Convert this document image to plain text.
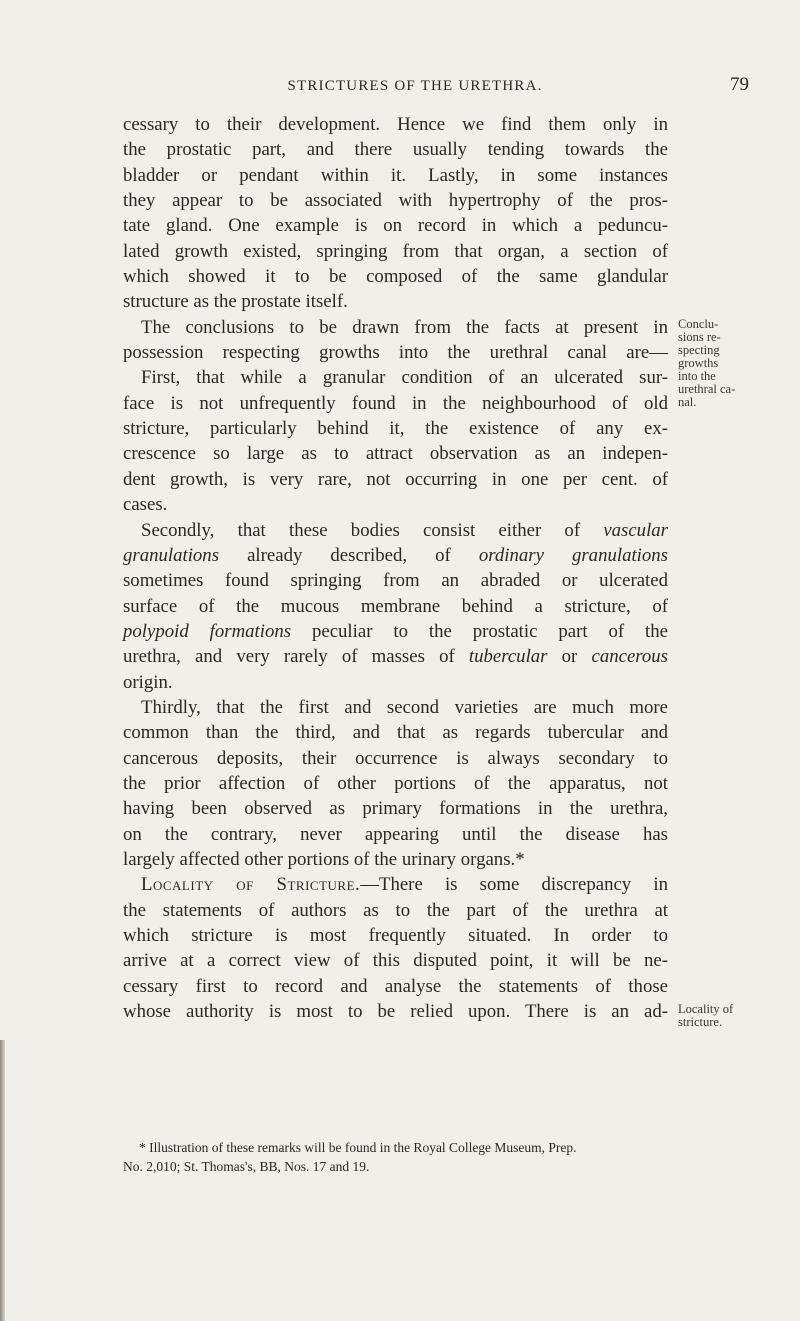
STRICTURES OF THE URETHRA.	79
cessary to their development. Hence we find them only in
the prostatic part, and there usually tending towards the
bladder or pendant within it. Lastly, in some instances
they appear to be associated with hypertrophy of the pros-
tate gland. One example is on record in which a peduncu-
lated growth existed, springing from that organ, a section of
which showed it to be composed of the same glandular
structure as the prostate itself.
The conclusions to be drawn from the facts at present in
possession respecting growths into the urethral canal are—
First, that while a granular condition of an ulcerated sur-
face is not unfrequently found in the neighbourhood of old
stricture, particularly behind it, the existence of any ex-
crescence so large as to attract observation as an indepen-
dent growth, is very rare, not occurring in one per cent. of
cases.
Secondly, that these bodies consist either of vascular
granulations already described, of ordinary granulations
sometimes found springing from an abraded or ulcerated
surface of the mucous membrane behind a stricture, of
polypoid formations peculiar to the prostatic part of the
urethra, and very rarely of masses of tubercular or cancerous
origin.
Thirdly, that the first and second varieties are much more
common than the third, and that as regards tubercular and
cancerous deposits, their occurrence is always secondary to
the prior affection of other portions of the apparatus, not
having been observed as primary formations in the urethra,
on the contrary, never appearing until the disease has
largely affected other portions of the urinary organs.*
Locality of Stricture.—There is some discrepancy in
the statements of authors as to the part of the urethra at
which stricture is most frequently situated. In order to
arrive at a correct view of this disputed point, it will be ne-
cessary first to record and analyse the statements of those
whose authority is most to be relied upon. There is an ad-
Conclu-
sions re-
specting
growths
into the
urethral ca-
nal.
Locality of
stricture.
* Illustration of these remarks will be found in the Royal College Museum, Prep.
No. 2,010; St. Thomas's, BB, Nos. 17 and 19.
